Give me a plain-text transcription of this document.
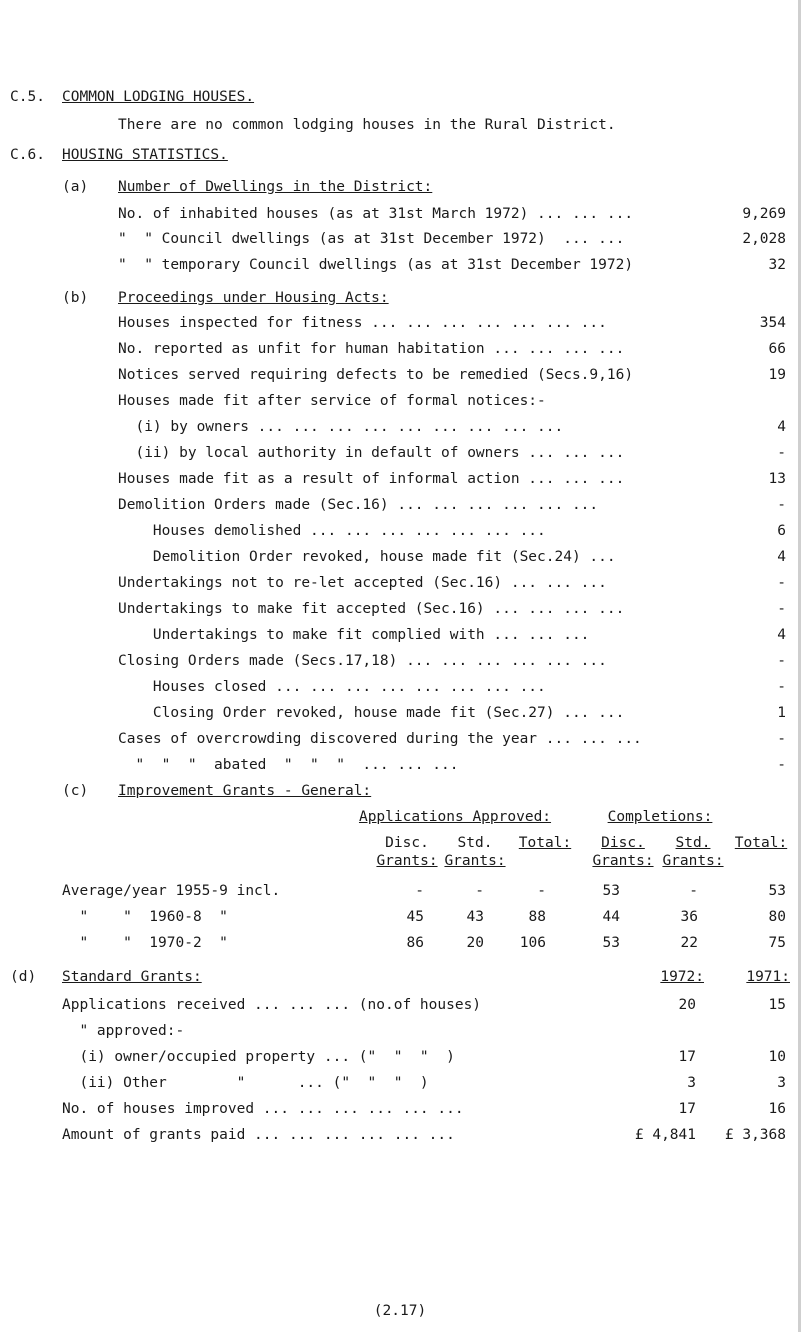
C.5. COMMON LODGING HOUSES.
There are no common lodging houses in the Rural District.
C.6. HOUSING STATISTICS.
(a) Number of Dwellings in the District:
No. of inhabited houses (as at 31st March 1972) ... ... ...	9,269
"  " Council dwellings (as at 31st December 1972)  ... ...	2,028
"  " temporary Council dwellings (as at 31st December 1972)	32
(b) Proceedings under Housing Acts:
Houses inspected for fitness ... ... ... ... ... ... ...	354
No. reported as unfit for human habitation ... ... ... ...	66
Notices served requiring defects to be remedied (Secs.9,16)	19
Houses made fit after service of formal notices:-
(i) by owners ... ... ... ... ... ... ... ... ...	4
(ii) by local authority in default of owners ... ... ...	-
Houses made fit as a result of informal action ... ... ...	13
Demolition Orders made (Sec.16) ... ... ... ... ... ...	-
Houses demolished ... ... ... ... ... ... ...	6
Demolition Order revoked, house made fit (Sec.24) ...	4
Undertakings not to re-let accepted (Sec.16) ... ... ...	-
Undertakings to make fit accepted (Sec.16) ... ... ... ...	-
Undertakings to make fit complied with ... ... ...	4
Closing Orders made (Secs.17,18) ... ... ... ... ... ...	-
Houses closed ... ... ... ... ... ... ... ...	-
Closing Order revoked, house made fit (Sec.27) ... ...	1
Cases of overcrowding discovered during the year ... ... ...	-
"  "  "  abated  "  "  "  ... ... ...	-
(c) Improvement Grants - General:
Applications Approved:	Completions:
Disc.	Std.	Total:	Disc.	Std.	Total:
Grants: Grants:	Grants: Grants:
Average/year 1955-9 incl.	-	-	-	53	-	53
"    "  1960-8  "	45	43	88	44	36	80
"    "  1970-2  "	86	20	106	53	22	75
(d) Standard Grants:	1972:	1971:
Applications received ... ... ... (no.of houses)	20	15
" approved:-
(i) owner/occupied property ... ("  "  "  )	17	10
(ii) Other        "      ... ("  "  "  )	3	3
No. of houses improved ... ... ... ... ... ...	17	16
Amount of grants paid ... ... ... ... ... ...	£ 4,841	£ 3,368
(2.17)
